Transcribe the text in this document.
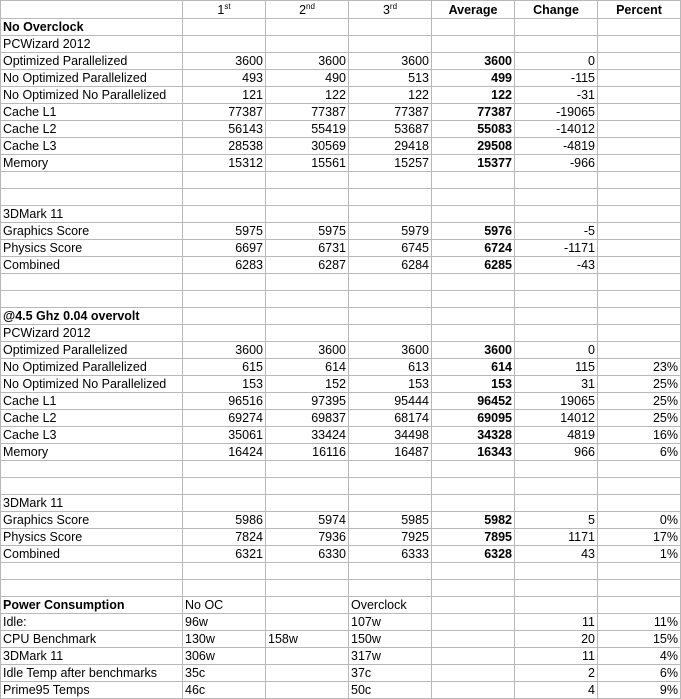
	1st	2nd	3rd	Average	Change	Percent
No Overclock						
PCWizard 2012						
Optimized Parallelized	3600	3600	3600	3600	0	
No Optimized Parallelized	493	490	513	499	-115	
No Optimized No Parallelized	121	122	122	122	-31	
Cache L1	77387	77387	77387	77387	-19065	
Cache L2	56143	55419	53687	55083	-14012	
Cache L3	28538	30569	29418	29508	-4819	
Memory	15312	15561	15257	15377	-966	

3DMark 11						
Graphics Score	5975	5975	5979	5976	-5	
Physics Score	6697	6731	6745	6724	-1171	
Combined	6283	6287	6284	6285	-43	

@4.5 Ghz 0.04 overvolt						
PCWizard 2012						
Optimized Parallelized	3600	3600	3600	3600	0	
No Optimized Parallelized	615	614	613	614	115	23%
No Optimized No Parallelized	153	152	153	153	31	25%
Cache L1	96516	97395	95444	96452	19065	25%
Cache L2	69274	69837	68174	69095	14012	25%
Cache L3	35061	33424	34498	34328	4819	16%
Memory	16424	16116	16487	16343	966	6%

3DMark 11						
Graphics Score	5986	5974	5985	5982	5	0%
Physics Score	7824	7936	7925	7895	1171	17%
Combined	6321	6330	6333	6328	43	1%

Power Consumption	No OC		Overclock			
Idle:	96w		107w		11	11%
CPU Benchmark	130w	158w	150w		20	15%
3DMark 11	306w		317w		11	4%
Idle Temp after benchmarks	35c		37c		2	6%
Prime95 Temps	46c		50c		4	9%
